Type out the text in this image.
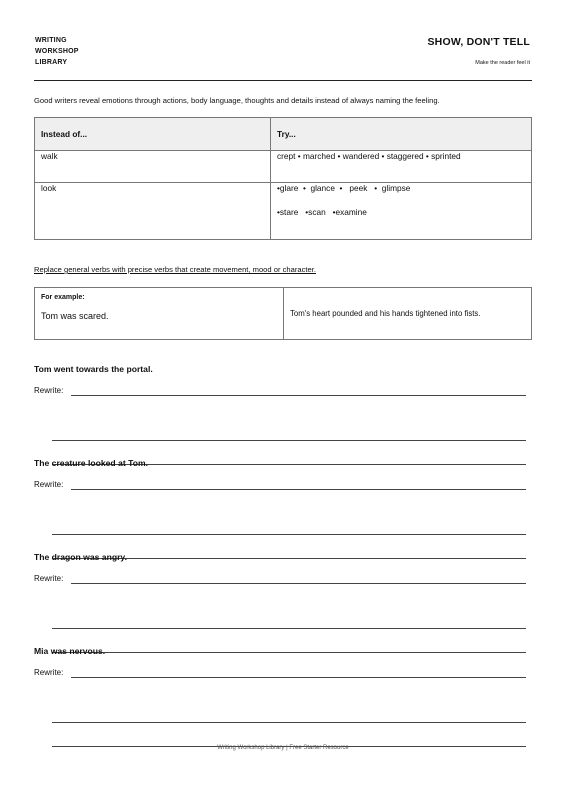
WRITING
WORKSHOP
LIBRARY
SHOW, DON'T TELL
Make the reader feel it
Good writers reveal emotions through actions, body language, thoughts and details instead of always naming the feeling.
Instead of...	Try...
walk	crept • marched • wandered • staggered • sprinted

look	•glare  •  glance  •   peek   •  glimpse
•stare   •scan   •examine
Replace general verbs with precise verbs that create movement, mood or character.
For example:
Tom was scared.	Tom's heart pounded and his hands tightened into fists.
Tom went towards the portal.
Rewrite:
The creature looked at Tom.
Rewrite:
The dragon was angry.
Rewrite:
Mia was nervous.
Rewrite:
Writing Workshop Library | Free Starter Resource
